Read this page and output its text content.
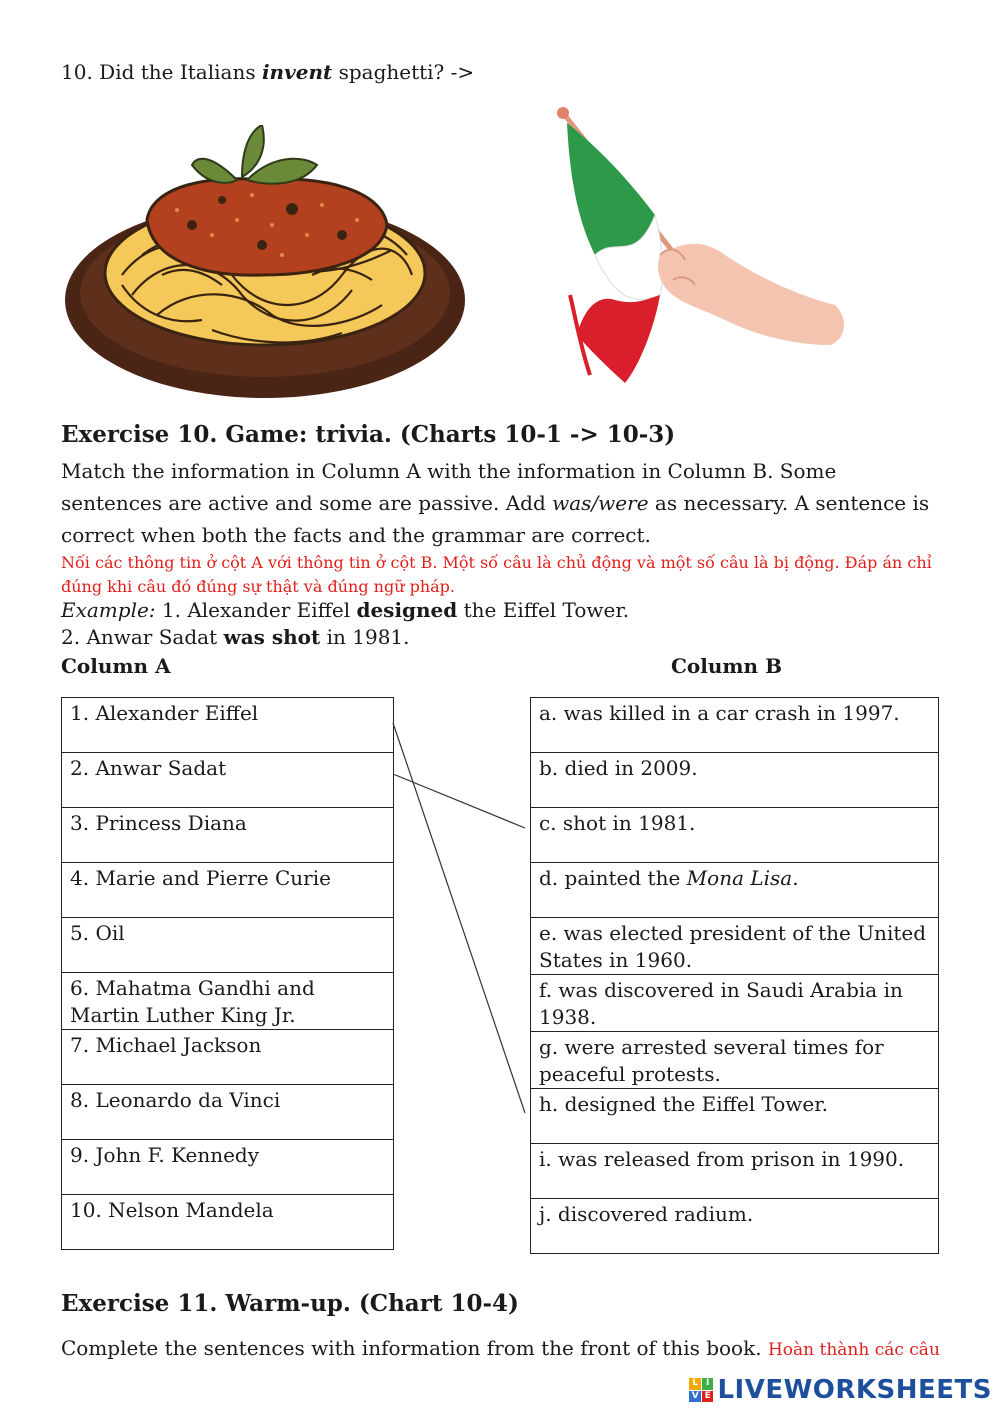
10. Did the Italians invent spaghetti? ->
Exercise 10. Game: trivia. (Charts 10-1 -> 10-3)
Match the information in Column A with the information in Column B. Some sentences are active and some are passive. Add was/were as necessary. A sentence is correct when both the facts and the grammar are correct.
Nối các thông tin ở cột A với thông tin ở cột B. Một số câu là chủ động và một số câu là bị động. Đáp án chỉ đúng khi câu đó đúng sự thật và đúng ngữ pháp.
Example: 1. Alexander Eiffel designed the Eiffel Tower.
2. Anwar Sadat was shot in 1981.
Column A	Column B
1. Alexander Eiffel
2. Anwar Sadat
3. Princess Diana
4. Marie and Pierre Curie
5. Oil
6. Mahatma Gandhi and Martin Luther King Jr.
7. Michael Jackson
8. Leonardo da Vinci
9. John F. Kennedy
10. Nelson Mandela
a. was killed in a car crash in 1997.
b. died in 2009.
c. shot in 1981.
d. painted the Mona Lisa.
e. was elected president of the United States in 1960.
f. was discovered in Saudi Arabia in 1938.
g. were arrested several times for peaceful protests.
h. designed the Eiffel Tower.
i. was released from prison in 1990.
j. discovered radium.
Exercise 11. Warm-up. (Chart 10-4)
Complete the sentences with information from the front of this book. Hoàn thành các câu
L I
V E LIVEWORKSHEETS
